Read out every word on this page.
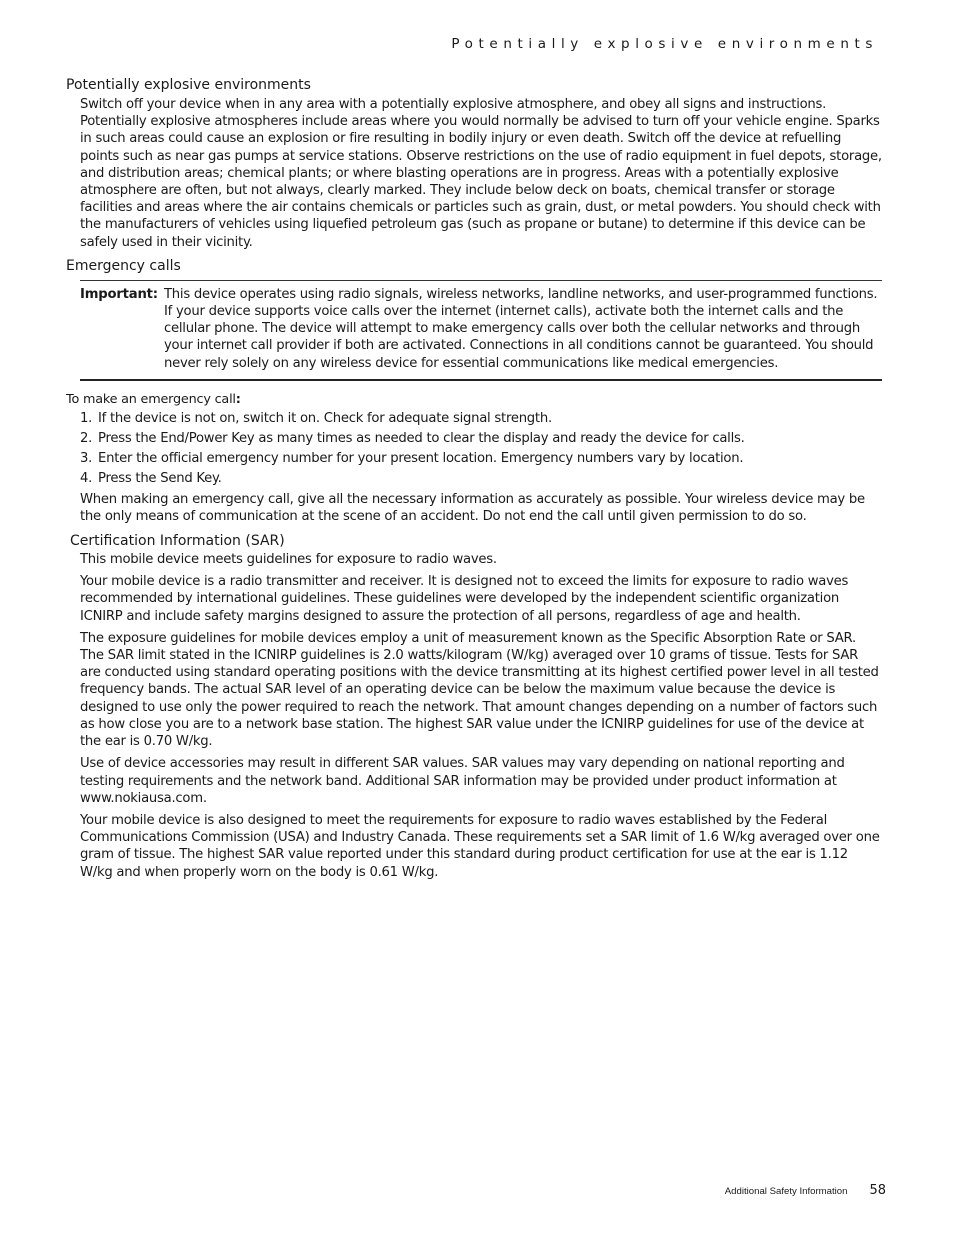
Potentially explosive environments
Potentially explosive environments

Switch off your device when in any area with a potentially explosive atmosphere, and obey all signs and instructions. Potentially explosive atmospheres include areas where you would normally be advised to turn off your vehicle engine. Sparks in such areas could cause an explosion or fire resulting in bodily injury or even death. Switch off the device at refuelling points such as near gas pumps at service stations. Observe restrictions on the use of radio equipment in fuel depots, storage, and distribution areas; chemical plants; or where blasting operations are in progress. Areas with a potentially explosive atmosphere are often, but not always, clearly marked. They include below deck on boats, chemical transfer or storage facilities and areas where the air contains chemicals or particles such as grain, dust, or metal powders. You should check with the manufacturers of vehicles using liquefied petroleum gas (such as propane or butane) to determine if this device can be safely used in their vicinity.

Emergency calls
Important: This device operates using radio signals, wireless networks, landline networks, and user-programmed functions. If your device supports voice calls over the internet (internet calls), activate both the internet calls and the cellular phone. The device will attempt to make emergency calls over both the cellular networks and through your internet call provider if both are activated. Connections in all conditions cannot be guaranteed. You should never rely solely on any wireless device for essential communications like medical emergencies.
To make an emergency call:
1. If the device is not on, switch it on. Check for adequate signal strength.
2. Press the End/Power Key as many times as needed to clear the display and ready the device for calls.
3. Enter the official emergency number for your present location. Emergency numbers vary by location.
4. Press the Send Key.

When making an emergency call, give all the necessary information as accurately as possible. Your wireless device may be the only means of communication at the scene of an accident. Do not end the call until given permission to do so.

Certification Information (SAR)

This mobile device meets guidelines for exposure to radio waves.

Your mobile device is a radio transmitter and receiver. It is designed not to exceed the limits for exposure to radio waves recommended by international guidelines. These guidelines were developed by the independent scientific organization ICNIRP and include safety margins designed to assure the protection of all persons, regardless of age and health.

The exposure guidelines for mobile devices employ a unit of measurement known as the Specific Absorption Rate or SAR. The SAR limit stated in the ICNIRP guidelines is 2.0 watts/kilogram (W/kg) averaged over 10 grams of tissue. Tests for SAR are conducted using standard operating positions with the device transmitting at its highest certified power level in all tested frequency bands. The actual SAR level of an operating device can be below the maximum value because the device is designed to use only the power required to reach the network. That amount changes depending on a number of factors such as how close you are to a network base station. The highest SAR value under the ICNIRP guidelines for use of the device at the ear is 0.70 W/kg.

Use of device accessories may result in different SAR values. SAR values may vary depending on national reporting and testing requirements and the network band. Additional SAR information may be provided under product information at www.nokiausa.com.

Your mobile device is also designed to meet the requirements for exposure to radio waves established by the Federal Communications Commission (USA) and Industry Canada. These requirements set a SAR limit of 1.6 W/kg averaged over one gram of tissue. The highest SAR value reported under this standard during product certification for use at the ear is 1.12 W/kg and when properly worn on the body is 0.61 W/kg.

Additional Safety Information 58
